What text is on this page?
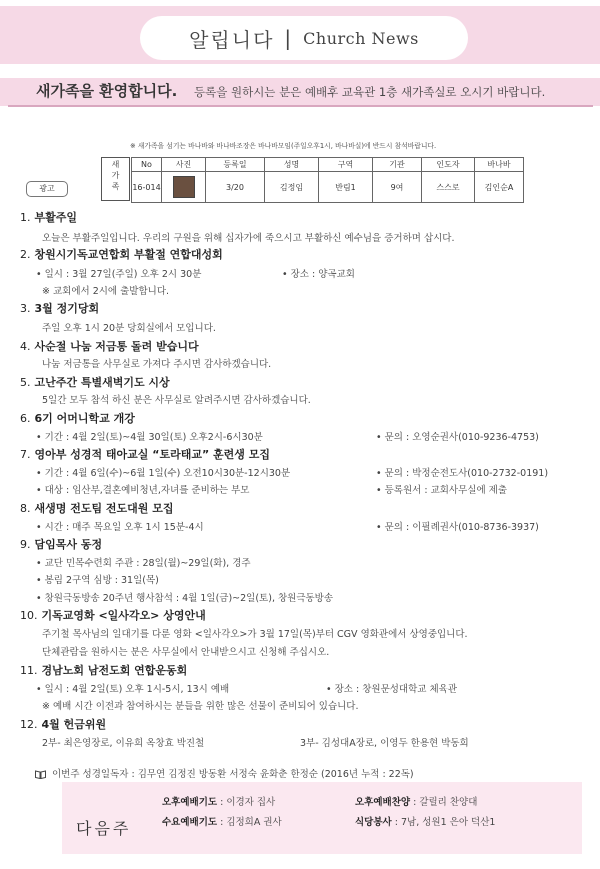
알립니다 | Church News
새가족을 환영합니다. 등록을 원하시는 분은 예배후 교육관 1층 새가족실로 오시기 바랍니다.
※ 새가족을 섬기는 바나바와 바나바조장은 바나바모임(주일오후1시, 바나바실)에 반드시 참석바랍니다.
광고
새
가
족
No	사진	등록일	성명	구역	기관	인도자	바나바
16-014		3/20	김정임	반림1	9여	스스로	김인순A
1. 부활주일
오늘은 부활주일입니다. 우리의 구원을 위해 십자가에 죽으시고 부활하신 예수님을 증거하며 삽시다.
2. 창원시기독교연합회 부활절 연합대성회
• 일시 : 3월 27일(주일) 오후 2시 30분	• 장소 : 양곡교회
※ 교회에서 2시에 출발합니다.
3. 3월 정기당회
주일 오후 1시 20분 당회실에서 모입니다.
4. 사순절 나눔 저금통 돌려 받습니다
나눔 저금통을 사무실로 가져다 주시면 감사하겠습니다.
5. 고난주간 특별새벽기도 시상
5일간 모두 참석 하신 분은 사무실로 알려주시면 감사하겠습니다.
6. 6기 어머니학교 개강
• 기간 : 4월 2일(토)~4월 30일(토) 오후2시-6시30분	• 문의 : 오영순권사(010-9236-4753)
7. 영아부 성경적 태아교실 “토라태교” 훈련생 모집
• 기간 : 4월 6일(수)~6월 1일(수) 오전10시30분-12시30분	• 문의 : 박정순전도사(010-2732-0191)
• 대상 : 임산부,결혼예비청년,자녀를 준비하는 부모	• 등록원서 : 교회사무실에 제출
8. 새생명 전도팀 전도대원 모집
• 시간 : 매주 목요일 오후 1시 15분-4시	• 문의 : 이필례권사(010-8736-3937)
9. 담임목사 동정
• 교단 민목수련회 주관 : 28일(월)~29일(화), 경주
• 봉림 2구역 심방 : 31일(목)
• 창원극동방송 20주년 행사참석 : 4월 1일(금)~2일(토), 창원극동방송
10. 기독교영화 <일사각오> 상영안내
주기철 목사님의 일대기를 다룬 영화 <일사각오>가 3월 17일(목)부터 CGV 영화관에서 상영중입니다.
단체관람을 원하시는 분은 사무실에서 안내받으시고 신청해 주십시오.
11. 경남노회 남전도회 연합운동회
• 일시 : 4월 2일(토) 오후 1시-5시, 13시 예배	• 장소 : 창원문성대학교 체육관
※ 예배 시간 이전과 참여하시는 분들을 위한 많은 선물이 준비되어 있습니다.
12. 4월 헌금위원
2부- 최은영장로, 이유희 옥창효 박진철	3부- 김성대A장로, 이영두 한용현 박동희
이번주 성경일독자 : 김무연 김정진 방동환 서정숙 윤화춘 한정순 (2016년 누적 : 22독)
다음주
오후예배기도 : 이경자 집사	오후예배찬양 : 갈릴리 찬양대
수요예배기도 : 김정희A 권사	식당봉사 : 7남, 성원1 은아 덕산1
